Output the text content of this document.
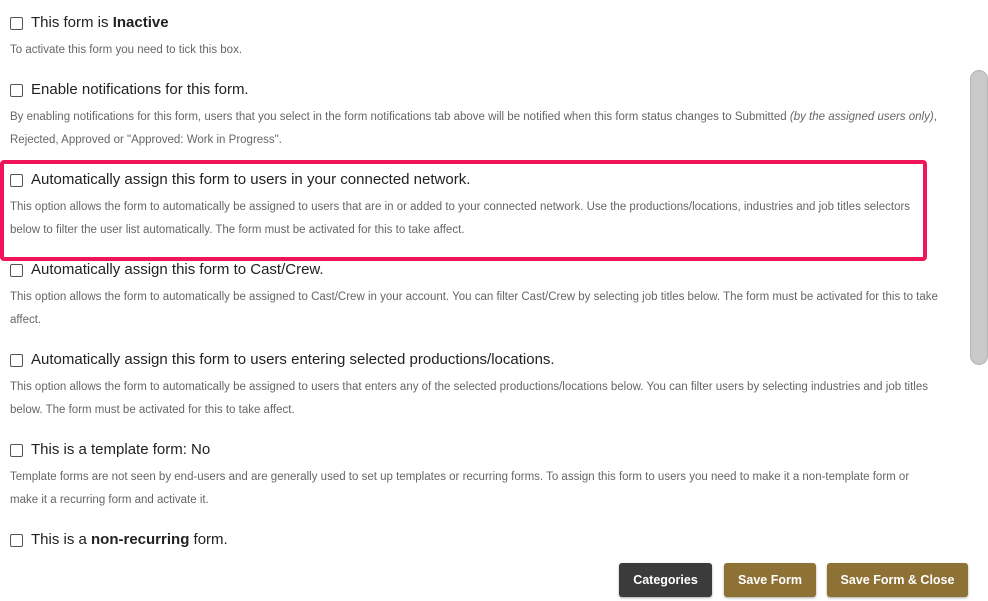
This form is Inactive
To activate this form you need to tick this box.
Enable notifications for this form.
By enabling notifications for this form, users that you select in the form notifications tab above will be notified when this form status changes to Submitted (by the assigned users only), Rejected, Approved or "Approved: Work in Progress".
Automatically assign this form to users in your connected network.
This option allows the form to automatically be assigned to users that are in or added to your connected network. Use the productions/locations, industries and job titles selectors below to filter the user list automatically. The form must be activated for this to take affect.
Automatically assign this form to Cast/Crew.
This option allows the form to automatically be assigned to Cast/Crew in your account. You can filter Cast/Crew by selecting job titles below. The form must be activated for this to take affect.
Automatically assign this form to users entering selected productions/locations.
This option allows the form to automatically be assigned to users that enters any of the selected productions/locations below. You can filter users by selecting industries and job titles below. The form must be activated for this to take affect.
This is a template form: No
Template forms are not seen by end-users and are generally used to set up templates or recurring forms. To assign this form to users you need to make it a non-template form or make it a recurring form and activate it.
This is a non-recurring form.
Categories	Save Form	Save Form & Close
